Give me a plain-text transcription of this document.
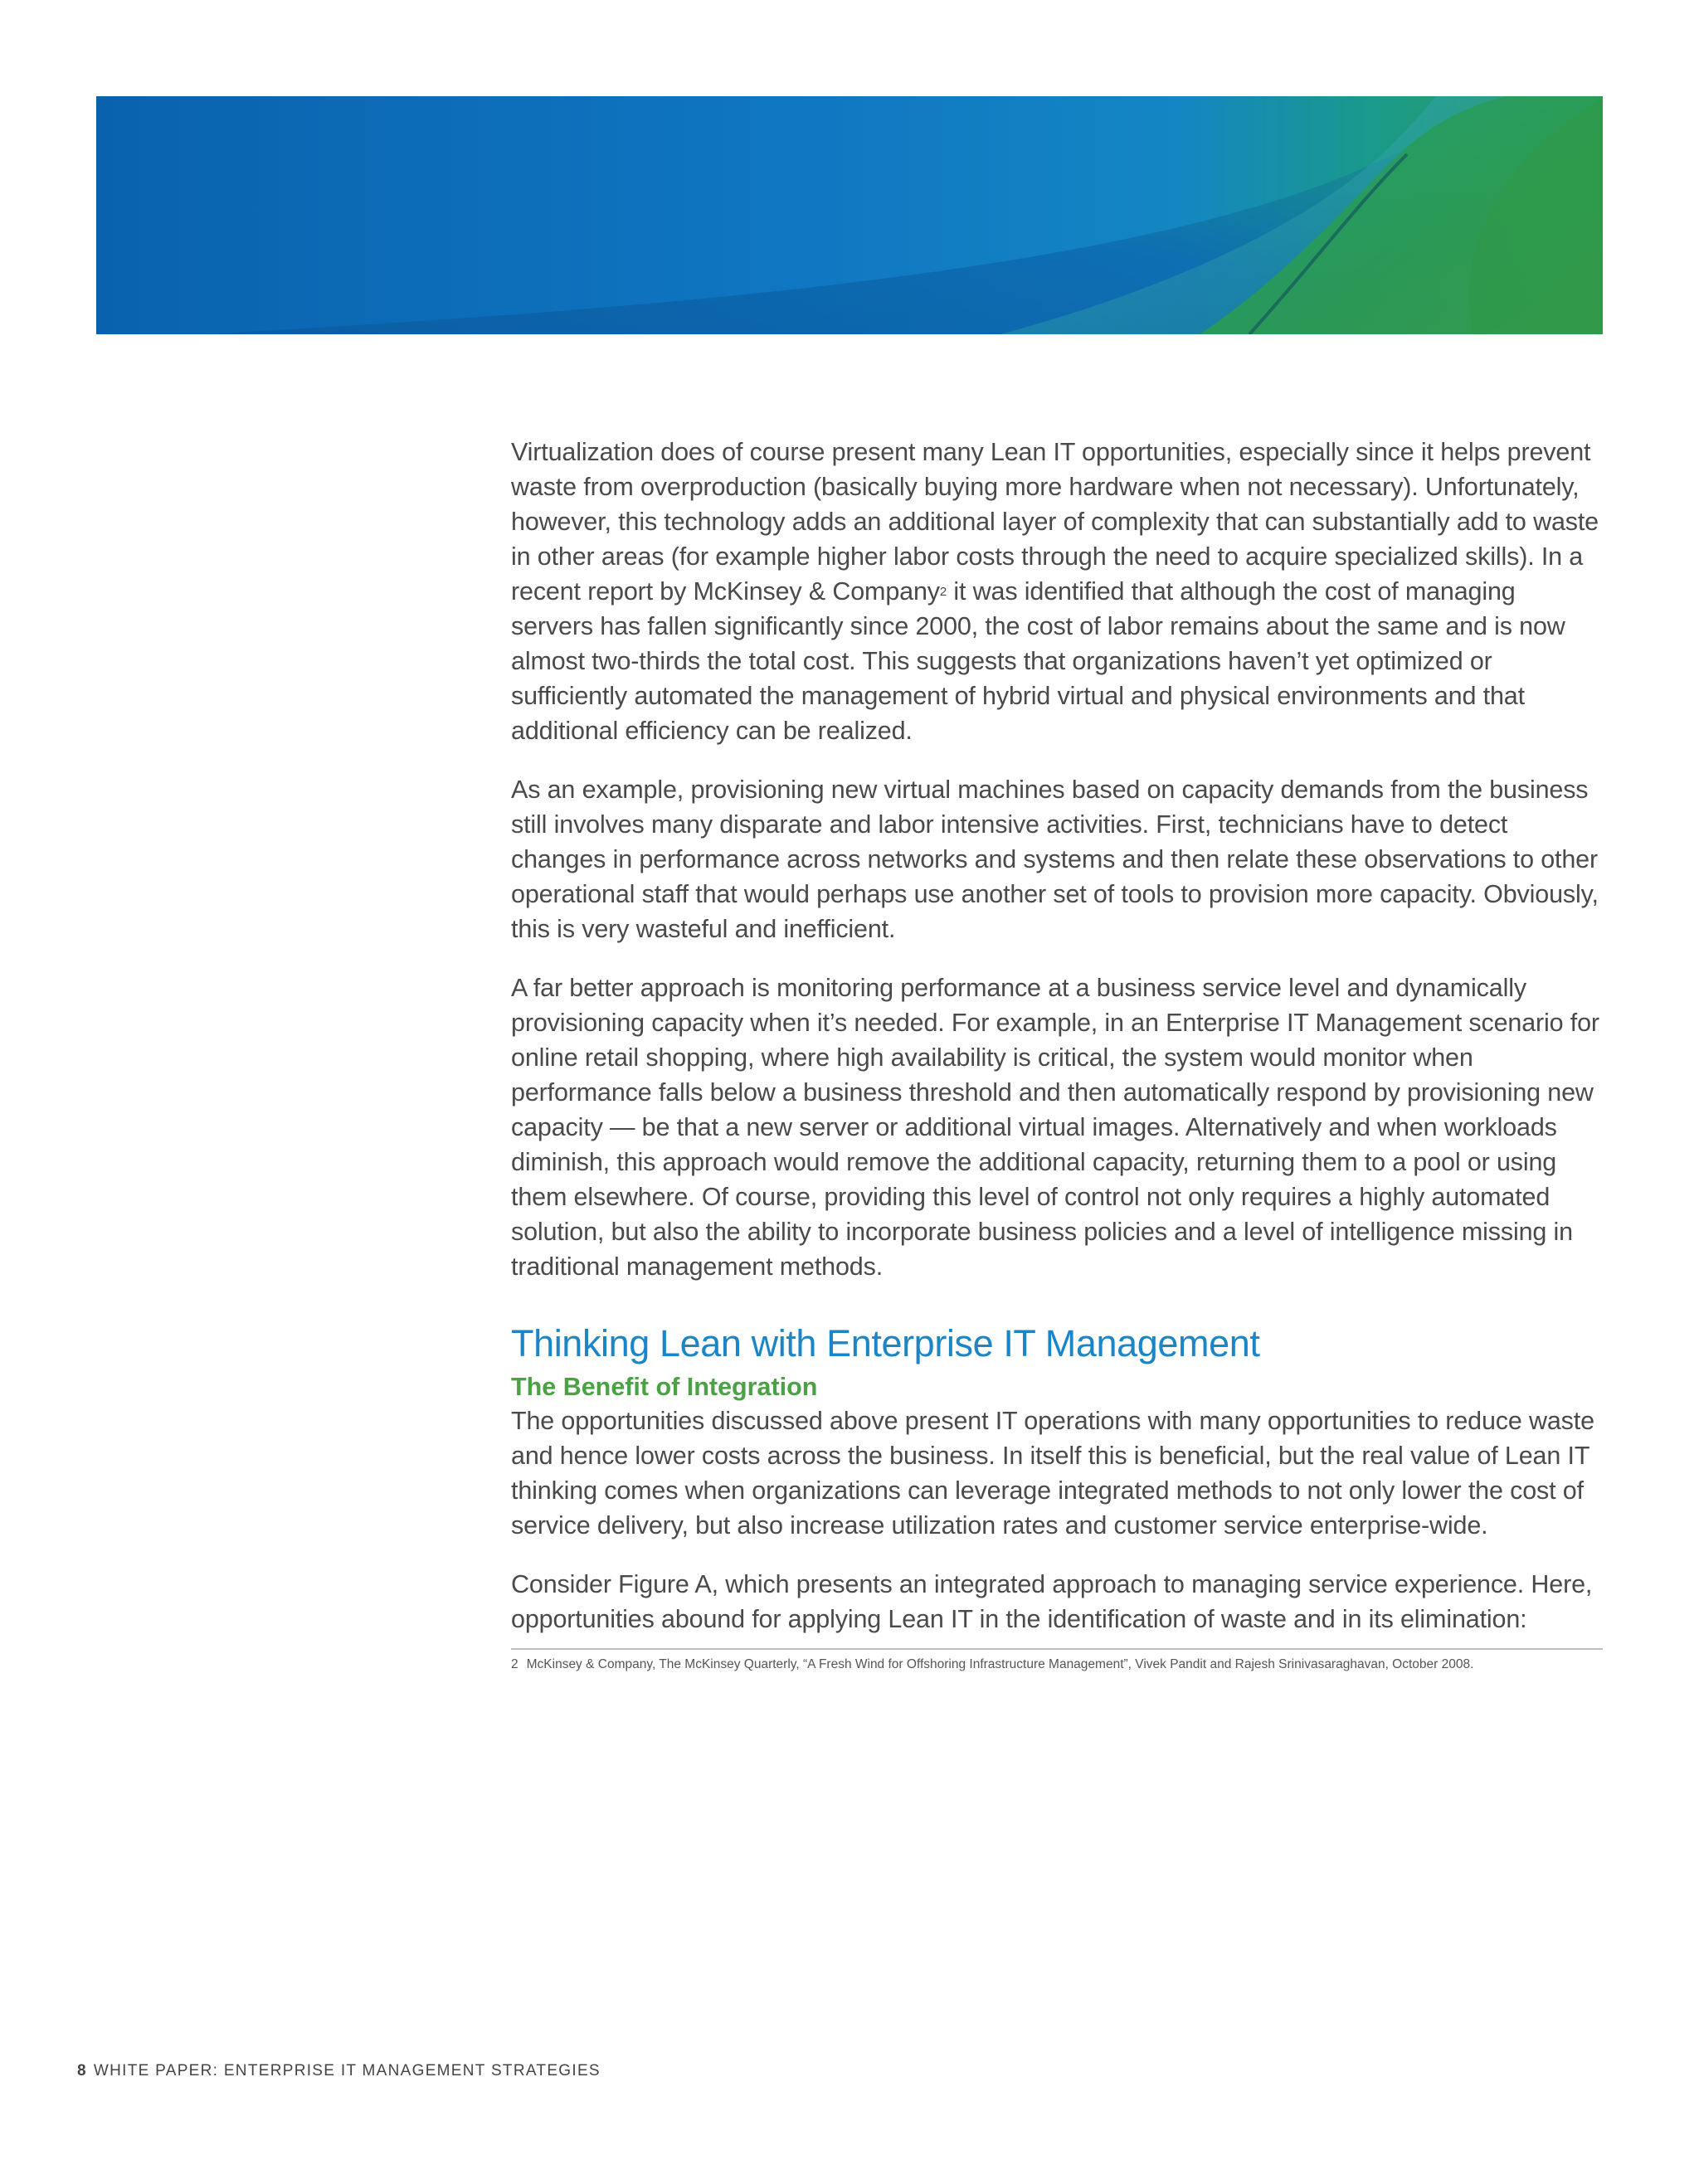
Virtualization does of course present many Lean IT opportunities, especially since it helps prevent waste from overproduction (basically buying more hardware when not necessary). Unfortunately, however, this technology adds an additional layer of complexity that can substantially add to waste in other areas (for example higher labor costs through the need to acquire specialized skills). In a recent report by McKinsey & Company$^2$ it was identified that although the cost of managing servers has fallen significantly since 2000, the cost of labor remains about the same and is now almost two-thirds the total cost. This suggests that organizations haven’t yet optimized or sufficiently automated the management of hybrid virtual and physical environments and that additional efficiency can be realized.

As an example, provisioning new virtual machines based on capacity demands from the business still involves many disparate and labor intensive activities. First, technicians have to detect changes in performance across networks and systems and then relate these observations to other operational staff that would perhaps use another set of tools to provision more capacity. Obviously, this is very wasteful and inefficient.

A far better approach is monitoring performance at a business service level and dynamically provisioning capacity when it’s needed. For example, in an Enterprise IT Management scenario for online retail shopping, where high availability is critical, the system would monitor when performance falls below a business threshold and then automatically respond by provisioning new capacity — be that a new server or additional virtual images. Alternatively and when workloads diminish, this approach would remove the additional capacity, returning them to a pool or using them elsewhere. Of course, providing this level of control not only requires a highly automated solution, but also the ability to incorporate business policies and a level of intelligence missing in traditional management methods.

Thinking Lean with Enterprise IT Management
The Benefit of Integration

The opportunities discussed above present IT operations with many opportunities to reduce waste and hence lower costs across the business. In itself this is beneficial, but the real value of Lean IT thinking comes when organizations can leverage integrated methods to not only lower the cost of service delivery, but also increase utilization rates and customer service enterprise-wide.

Consider Figure A, which presents an integrated approach to managing service experience. Here, opportunities abound for applying Lean IT in the identification of waste and in its elimination:

2 McKinsey & Company, The McKinsey Quarterly, “A Fresh Wind for Offshoring Infrastructure Management”, Vivek Pandit and Rajesh Srinivasaraghavan, October 2008.

8 WHITE PAPER: ENTERPRISE IT MANAGEMENT STRATEGIES
